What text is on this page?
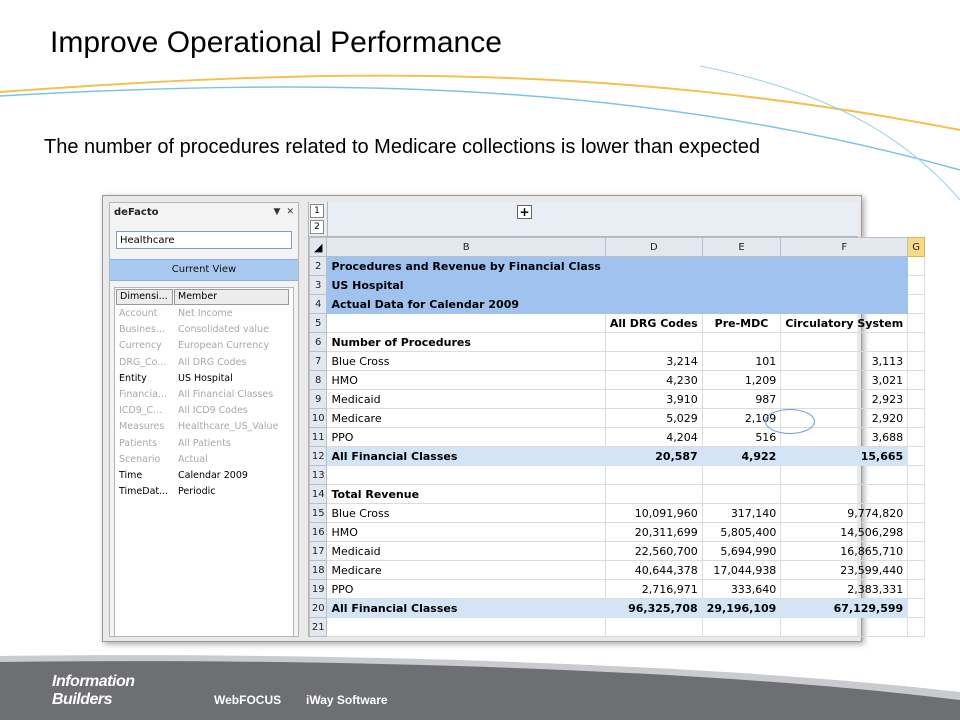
Improve Operational Performance
The number of procedures related to Medicare collections is lower than expected
deFacto	▼ ✕
Healthcare
Current View
Dimensi...	Member
Account	Net Income
Busines...	Consolidated value
Currency	European Currency
DRG_Co...	All DRG Codes
Entity	US Hospital
Financia...	All Financial Classes
ICD9_C...	All ICD9 Codes
Measures	Healthcare_US_Value
Patients	All Patients
Scenario	Actual
Time	Calendar 2009
TimeDat...	Periodic
1
2
+
◢	B	D	E	F	G
2	Procedures and Revenue by Financial Class				
3	US Hospital				
4	Actual Data for Calendar 2009				
5		All DRG Codes	Pre-MDC	Circulatory System	
6	Number of Procedures				
7	Blue Cross	3,214	101	3,113	
8	HMO	4,230	1,209	3,021	
9	Medicaid	3,910	987	2,923	
10	Medicare	5,029	2,109	2,920	
11	PPO	4,204	516	3,688	
12	All Financial Classes	20,587	4,922	15,665	
13					
14	Total Revenue				
15	Blue Cross	10,091,960	317,140	9,774,820	
16	HMO	20,311,699	5,805,400	14,506,298	
17	Medicaid	22,560,700	5,694,990	16,865,710	
18	Medicare	40,644,378	17,044,938	23,599,440	
19	PPO	2,716,971	333,640	2,383,331	
20	All Financial Classes	96,325,708	29,196,109	67,129,599	
21					
Information
Builders	WebFOCUS iWay Software
